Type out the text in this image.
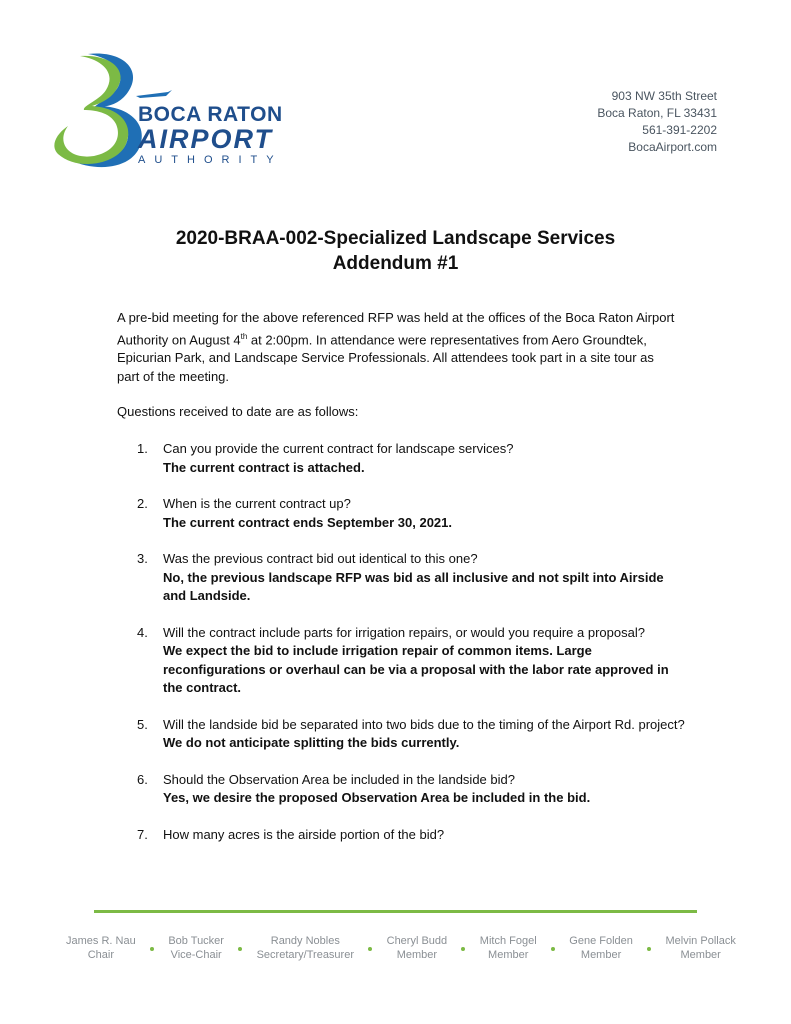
BOCA RATON
AIRPORT
AUTHORITY
903 NW 35th Street
Boca Raton, FL 33431
561-391-2202
BocaAirport.com
2020-BRAA-002-Specialized Landscape Services
Addendum #1
A pre-bid meeting for the above referenced RFP was held at the offices of the Boca Raton Airport Authority on August 4th at 2:00pm. In attendance were representatives from Aero Groundtek, Epicurian Park, and Landscape Service Professionals. All attendees took part in a site tour as part of the meeting.
Questions received to date are as follows:
1. Can you provide the current contract for landscape services?
The current contract is attached.
2. When is the current contract up?
The current contract ends September 30, 2021.
3. Was the previous contract bid out identical to this one?
No, the previous landscape RFP was bid as all inclusive and not spilt into Airside and Landside.
4. Will the contract include parts for irrigation repairs, or would you require a proposal?
We expect the bid to include irrigation repair of common items. Large reconfigurations or overhaul can be via a proposal with the labor rate approved in the contract.
5. Will the landside bid be separated into two bids due to the timing of the Airport Rd. project?
We do not anticipate splitting the bids currently.
6. Should the Observation Area be included in the landside bid?
Yes, we desire the proposed Observation Area be included in the bid.
7. How many acres is the airside portion of the bid?
James R. Nau
Chair
Bob Tucker
Vice-Chair
Randy Nobles
Secretary/Treasurer
Cheryl Budd
Member
Mitch Fogel
Member
Gene Folden
Member
Melvin Pollack
Member
